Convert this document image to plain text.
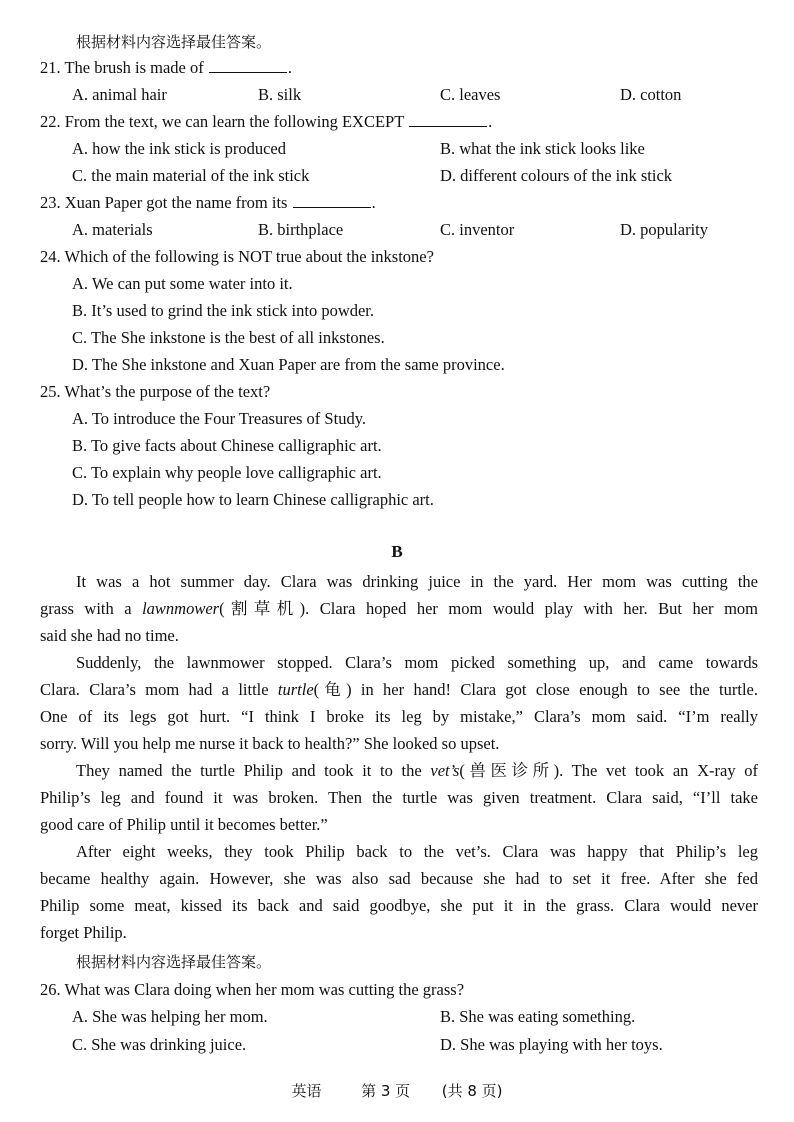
根据材料内容选择最佳答案。
21. The brush is made of	.
A. animal hair	B. silk	C. leaves	D. cotton
22. From the text, we can learn the following EXCEPT	.
A. how the ink stick is produced	B. what the ink stick looks like
C. the main material of the ink stick	D. different colours of the ink stick
23. Xuan Paper got the name from its	.
A. materials	B. birthplace	C. inventor	D. popularity
24. Which of the following is NOT true about the inkstone?
A. We can put some water into it.
B. It’s used to grind the ink stick into powder.
C. The She inkstone is the best of all inkstones.
D. The She inkstone and Xuan Paper are from the same province.
25. What’s the purpose of the text?
A. To introduce the Four Treasures of Study.
B. To give facts about Chinese calligraphic art.
C. To explain why people love calligraphic art.
D. To tell people how to learn Chinese calligraphic art.
B
It was a hot summer day. Clara was drinking juice in the yard. Her mom was cutting the
grass with a lawnmower(割草机). Clara hoped her mom would play with her. But her mom
said she had no time.
Suddenly, the lawnmower stopped. Clara’s mom picked something up, and came towards
Clara. Clara’s mom had a little turtle(龟) in her hand! Clara got close enough to see the turtle.
One of its legs got hurt. “I think I broke its leg by mistake,” Clara’s mom said. “I’m really
sorry. Will you help me nurse it back to health?” She looked so upset.
They named the turtle Philip and took it to the vet’s(兽医诊所). The vet took an X-ray of
Philip’s leg and found it was broken. Then the turtle was given treatment. Clara said, “I’ll take
good care of Philip until it becomes better.”
After eight weeks, they took Philip back to the vet’s. Clara was happy that Philip’s leg
became healthy again. However, she was also sad because she had to set it free. After she fed
Philip some meat, kissed its back and said goodbye, she put it in the grass. Clara would never
forget Philip.
根据材料内容选择最佳答案。
26. What was Clara doing when her mom was cutting the grass?
A. She was helping her mom.	B. She was eating something.
C. She was drinking juice.	D. She was playing with her toys.
英语	第 3 页 (共 8 页)
